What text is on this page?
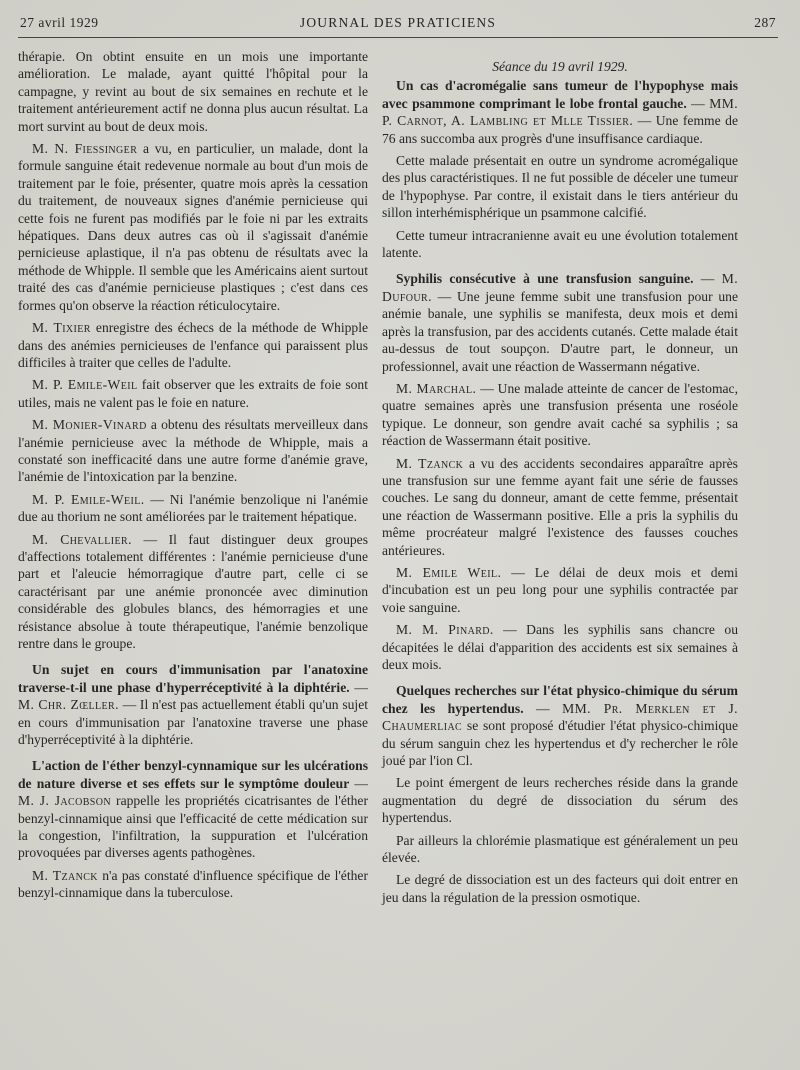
27 avril 1929	JOURNAL DES PRATICIENS	287

thérapie. On obtint ensuite en un mois une importante amélioration. Le malade, ayant quitté l'hôpital pour la campagne, y revint au bout de six semaines en rechute et le traitement antérieurement actif ne donna plus aucun résultat. La mort survint au bout de deux mois.

M. N. Fiessinger a vu, en particulier, un malade, dont la formule sanguine était redevenue normale au bout d'un mois de traitement par le foie, présenter, quatre mois après la cessation du traitement, de nouveaux signes d'anémie pernicieuse qui cette fois ne furent pas modifiés par le foie ni par les extraits hépatiques. Dans deux autres cas où il s'agissait d'anémie pernicieuse aplastique, il n'a pas obtenu de résultats avec la méthode de Whipple. Il semble que les Américains aient surtout traité des cas d'anémie pernicieuse plastiques ; c'est dans ces formes qu'on observe la réaction réticulocytaire.

M. Tixier enregistre des échecs de la méthode de Whipple dans des anémies pernicieuses de l'enfance qui paraissent plus difficiles à traiter que celles de l'adulte.

M. P. Emile-Weil fait observer que les extraits de foie sont utiles, mais ne valent pas le foie en nature.

M. Monier-Vinard a obtenu des résultats merveilleux dans l'anémie pernicieuse avec la méthode de Whipple, mais a constaté son inefficacité dans une autre forme d'anémie grave, l'anémie de l'intoxication par la benzine.

M. P. Emile-Weil. — Ni l'anémie benzolique ni l'anémie due au thorium ne sont améliorées par le traitement hépatique.

M. Chevallier. — Il faut distinguer deux groupes d'affections totalement différentes : l'anémie pernicieuse d'une part et l'aleucie hémorragique d'autre part, celle ci se caractérisant par une anémie prononcée avec diminution considérable des globules blancs, des hémorragies et une résistance absolue à toute thérapeutique, l'anémie benzolique rentre dans le groupe.

Un sujet en cours d'immunisation par l'anatoxine traverse-t-il une phase d'hyperréceptivité à la diphtérie. — M. Chr. Zœller. — Il n'est pas actuellement établi qu'un sujet en cours d'immunisation par l'anatoxine traverse une phase d'hyperréceptivité à la diphtérie.

L'action de l'éther benzyl-cynnamique sur les ulcérations de nature diverse et ses effets sur le symptôme douleur — M. J. Jacobson rappelle les propriétés cicatrisantes de l'éther benzyl-cinnamique ainsi que l'efficacité de cette médication sur la congestion, l'infiltration, la suppuration et l'ulcération provoquées par diverses agents pathogènes.

M. Tzanck n'a pas constaté d'influence spécifique de l'éther benzyl-cinnamique dans la tuberculose.

Séance du 19 avril 1929.

Un cas d'acromégalie sans tumeur de l'hypophyse mais avec psammone comprimant le lobe frontal gauche. — MM. P. Carnot, A. Lambling et Mlle Tissier. — Une femme de 76 ans succomba aux progrès d'une insuffisance cardiaque.

Cette malade présentait en outre un syndrome acromégalique des plus caractéristiques. Il ne fut possible de déceler une tumeur de l'hypophyse. Par contre, il existait dans le tiers antérieur du sillon interhémisphérique un psammone calcifié.

Cette tumeur intracranienne avait eu une évolution totalement latente.

Syphilis consécutive à une transfusion sanguine. — M. Dufour. — Une jeune femme subit une transfusion pour une anémie banale, une syphilis se manifesta, deux mois et demi après la transfusion, par des accidents cutanés. Cette malade était au-dessus de tout soupçon. D'autre part, le donneur, un professionnel, avait une réaction de Wassermann négative.

M. Marchal. — Une malade atteinte de cancer de l'estomac, quatre semaines après une transfusion présenta une roséole typique. Le donneur, son gendre avait caché sa syphilis ; sa réaction de Wassermann était positive.

M. Tzanck a vu des accidents secondaires apparaître après une transfusion sur une femme ayant fait une série de fausses couches. Le sang du donneur, amant de cette femme, présentait une réaction de Wassermann positive. Elle a pris la syphilis du même procréateur malgré l'existence des fausses couches antérieures.

M. Emile Weil. — Le délai de deux mois et demi d'incubation est un peu long pour une syphilis contractée par voie sanguine.

M. M. Pinard. — Dans les syphilis sans chancre ou décapitées le délai d'apparition des accidents est six semaines à deux mois.

Quelques recherches sur l'état physico-chimique du sérum chez les hypertendus. — MM. Pr. Merklen et J. Chaumerliac se sont proposé d'étudier l'état physico-chimique du sérum sanguin chez les hypertendus et d'y rechercher le rôle joué par l'ion Cl.

Le point émergent de leurs recherches réside dans la grande augmentation du degré de dissociation du sérum des hypertendus.

Par ailleurs la chlorémie plasmatique est généralement un peu élevée.

Le degré de dissociation est un des facteurs qui doit entrer en jeu dans la régulation de la pression osmotique.
